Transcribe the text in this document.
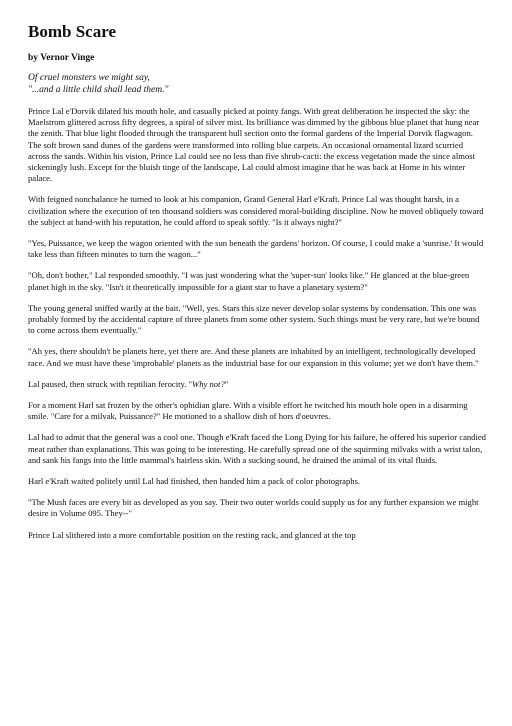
Bomb Scare

by Vernor Vinge

Of cruel monsters we might say,
"...and a little child shall lead them."

Prince Lal e'Dorvik dilated his mouth hole, and casually picked at pointy fangs. With great deliberation he inspected the sky: the Maelstrom glittered across fifty degrees, a spiral of silver mist. Its brilliance was dimmed by the gibbous blue planet that hung near the zenith. That blue light flooded through the transparent hull section onto the formal gardens of the Imperial Dorvik flagwagon. The soft brown sand dunes of the gardens were transformed into rolling blue carpets. An occasional ornamental lizard scurried across the sands. Within his vision, Prince Lal could see no less than five shrub-cacti: the excess vegetation made the since almost sickeningly lush. Except for the bluish tinge of the landscape, Lal could almost imagine that he was back at Home in his winter palace.

With feigned nonchalance he turned to look at his companion, Grand General Harl e'Kraft. Prince Lal was thought harsh, in a civilization where the execution of ten thousand soldiers was considered moral-building discipline. Now he moved obliquely toward the subject at hand-with his reputation, he could afford to speak softly. "Is it always night?"

"Yes, Puissance, we keep the wagon oriented with the sun beneath the gardens' horizon. Of course, I could make a 'sunrise.' It would take less than fifteen minutes to turn the wagon..."

"Oh, don't bother," Lal responded smoothly. "I was just wondering what the 'super-sun' looks like." He glanced at the blue-green planet high in the sky. "Isn't it theoretically impossible for a giant star to have a planetary system?"

The young general sniffed warily at the bait. "Well, yes. Stars this size never develop solar systems by condensation. This one was probably formed by the accidental capture of three planets from some other system. Such things must be very rare, but we're bound to come across them eventually."

"Ah yes, there shouldn't be planets here, yet there are. And these planets are inhabited by an intelligent, technologically developed race. And we must have these 'improbable' planets as the industrial base for our expansion in this volume; yet we don't have them."

Lal paused, then struck with reptilian ferocity. "Why not?"

For a moment Harl sat frozen by the other's ophidian glare. With a visible effort he twitched his mouth hole open in a disarming smile. "Care for a milvak, Puissance?" He motioned to a shallow dish of hors d'oeuvres.

Lal had to admit that the general was a cool one. Though e'Kraft faced the Long Dying for his failure, he offered his superior candied meat rather than explanations. This was going to be interesting. He carefully spread one of the squirming milvaks with a wrist talon, and sank his fangs into the little mammal's hairless skin. With a sucking sound, he drained the animal of its vital fluids.

Harl e'Kraft waited politely until Lal had finished, then handed him a pack of color photographs.

"The Mush faces are every bit as developed as you say. Their two outer worlds could supply us for any further expansion we might desire in Volume 095. They--"

Prince Lal slithered into a more comfortable position on the resting rack, and glanced at the top
